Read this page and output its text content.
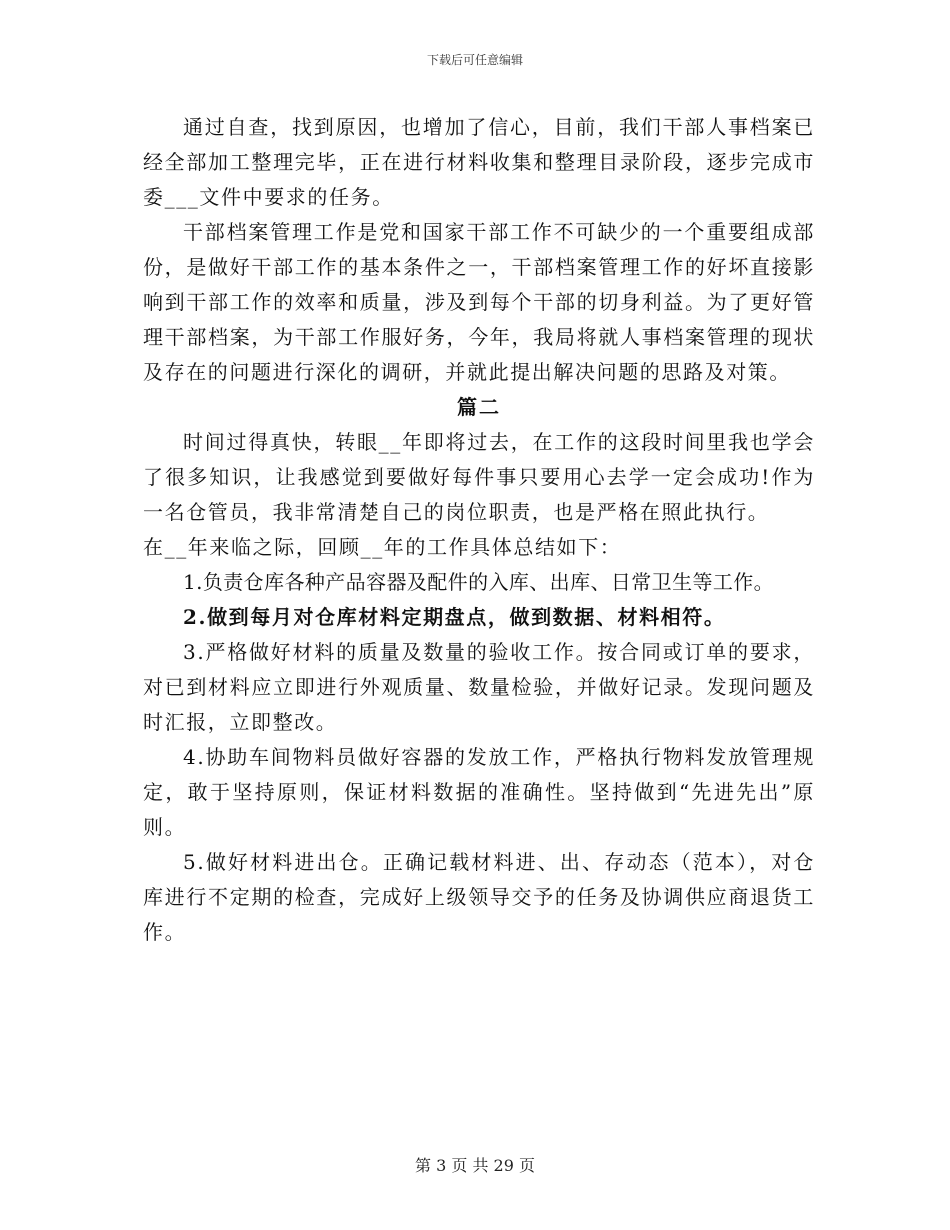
下载后可任意编辑

通过自查，找到原因，也增加了信心，目前，我们干部人事档案已经全部加工整理完毕，正在进行材料收集和整理目录阶段，逐步完成市委___文件中要求的任务。

干部档案管理工作是党和国家干部工作不可缺少的一个重要组成部份，是做好干部工作的基本条件之一，干部档案管理工作的好坏直接影响到干部工作的效率和质量，涉及到每个干部的切身利益。为了更好管理干部档案，为干部工作服好务，今年，我局将就人事档案管理的现状及存在的问题进行深化的调研，并就此提出解决问题的思路及对策。

篇二

时间过得真快，转眼__年即将过去，在工作的这段时间里我也学会了很多知识，让我感觉到要做好每件事只要用心去学一定会成功!作为一名仓管员，我非常清楚自己的岗位职责，也是严格在照此执行。

在__年来临之际，回顾__年的工作具体总结如下：

1.负责仓库各种产品容器及配件的入库、出库、日常卫生等工作。

2.做到每月对仓库材料定期盘点，做到数据、材料相符。

3.严格做好材料的质量及数量的验收工作。按合同或订单的要求，对已到材料应立即进行外观质量、数量检验，并做好记录。发现问题及时汇报，立即整改。

4.协助车间物料员做好容器的发放工作，严格执行物料发放管理规定，敢于坚持原则，保证材料数据的准确性。坚持做到“先进先出”原则。

5.做好材料进出仓。正确记载材料进、出、存动态（范本），对仓库进行不定期的检查，完成好上级领导交予的任务及协调供应商退货工作。

第 3 页 共 29 页
